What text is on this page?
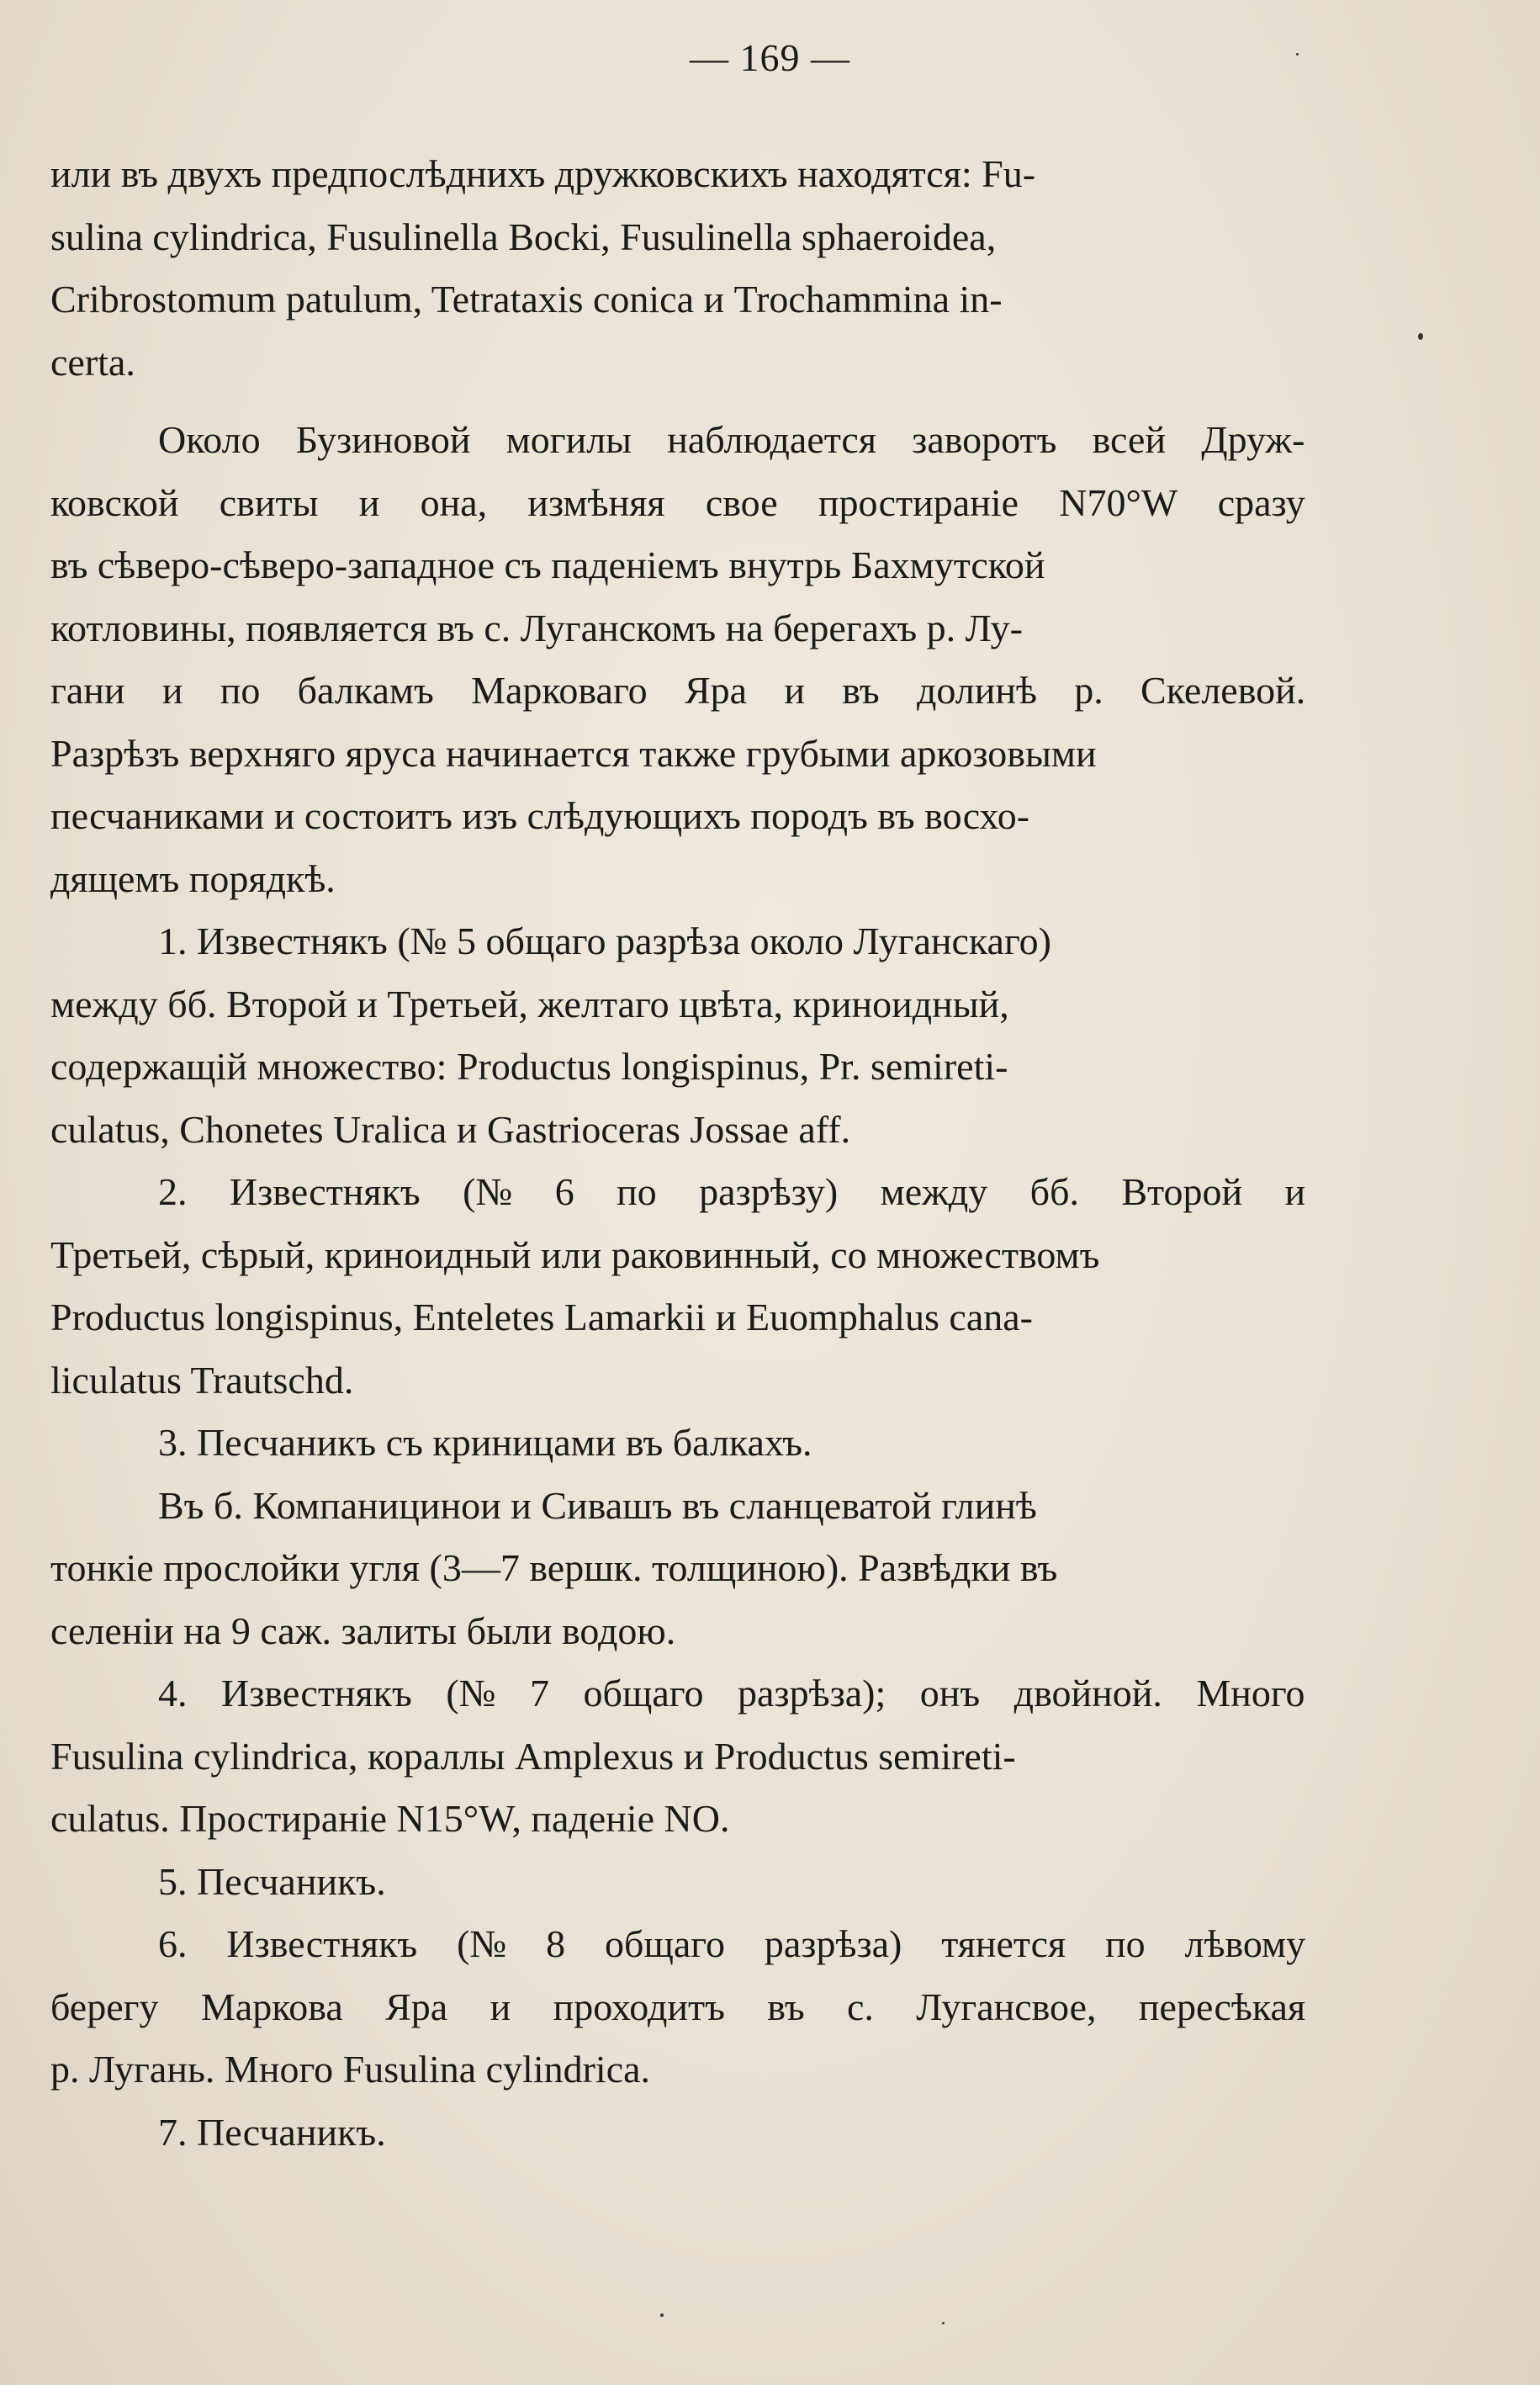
— 169 —
или въ двухъ предпослѣднихъ дружковскихъ находятся: Fu-
sulina cylindrica, Fusulinella Bocki, Fusulinella sphaeroidea,
Cribrostomum patulum, Tetrataxis conica и Trochammina in-
certa.
Около Бузиновой могилы наблюдается заворотъ всей Друж-
ковской свиты и она, измѣняя свое простираніе N70°W сразу
въ сѣверо-сѣверо-западное съ паденіемъ внутрь Бахмутской
котловины, появляется въ с. Луганскомъ на берегахъ р. Лу-
гани и по балкамъ Марковаго Яра и въ долинѣ р. Скелевой.
Разрѣзъ верхняго яруса начинается также грубыми аркозовыми
песчаниками и состоитъ изъ слѣдующихъ породъ въ восхо-
дящемъ порядкѣ.
1. Известнякъ (№ 5 общаго разрѣза около Луганскаго)
между бб. Второй и Третьей, желтаго цвѣта, криноидный,
содержащій множество: Productus longispinus, Pr. semireti-
culatus, Chonetes Uralica и Gastrioceras Jossae aff.
2. Известнякъ (№ 6 по разрѣзу) между бб. Второй и
Третьей, сѣрый, криноидный или раковинный, со множествомъ
Productus longispinus, Enteletes Lamarkii и Euomphalus cana-
liculatus Trautschd.
3. Песчаникъ съ криницами въ балкахъ.
Въ б. Компаницинои и Сивашъ въ сланцеватой глинѣ
тонкіе прослойки угля (3—7 вершк. толщиною). Развѣдки въ
селеніи на 9 саж. залиты были водою.
4. Известнякъ (№ 7 общаго разрѣза); онъ двойной. Много
Fusulina cylindrica, кораллы Amplexus и Productus semireti-
culatus. Простираніе N15°W, паденіе NO.
5. Песчаникъ.
6. Известнякъ (№ 8 общаго разрѣза) тянется по лѣвому
берегу Маркова Яра и проходитъ въ с. Лугансвое, пересѣкая
р. Лугань. Много Fusulina cylindrica.
7. Песчаникъ.
